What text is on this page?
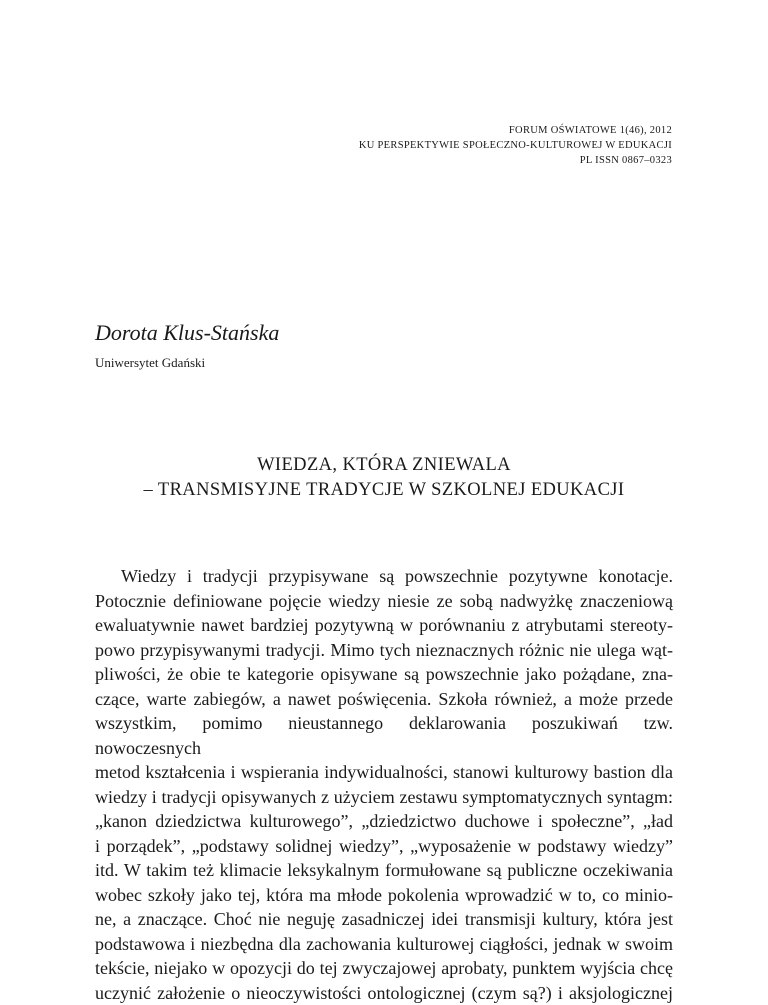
FORUM OŚWIATOWE 1(46), 2012
KU PERSPEKTYWIE SPOŁECZNO-KULTUROWEJ W EDUKACJI
PL ISSN 0867–0323

Dorota Klus-Stańska

Uniwersytet Gdański

WIEDZA, KTÓRA ZNIEWALA
– TRANSMISYJNE TRADYCJE W SZKOLNEJ EDUKACJI

Wiedzy i tradycji przypisywane są powszechnie pozytywne konotacje.
Potocznie definiowane pojęcie wiedzy niesie ze sobą nadwyżkę znaczeniową
ewaluatywnie nawet bardziej pozytywną w porównaniu z atrybutami stereoty-
powo przypisywanymi tradycji. Mimo tych nieznacznych różnic nie ulega wąt-
pliwości, że obie te kategorie opisywane są powszechnie jako pożądane, zna-
czące, warte zabiegów, a nawet poświęcenia. Szkoła również, a może przede
wszystkim, pomimo nieustannego deklarowania poszukiwań tzw. nowoczesnych
metod kształcenia i wspierania indywidualności, stanowi kulturowy bastion dla
wiedzy i tradycji opisywanych z użyciem zestawu symptomatycznych syntagm:
„kanon dziedzictwa kulturowego”, „dziedzictwo duchowe i społeczne”, „ład
i porządek”, „podstawy solidnej wiedzy”, „wyposażenie w podstawy wiedzy”
itd. W takim też klimacie leksykalnym formułowane są publiczne oczekiwania
wobec szkoły jako tej, która ma młode pokolenia wprowadzić w to, co minio-
ne, a znaczące. Choć nie neguję zasadniczej idei transmisji kultury, która jest
podstawowa i niezbędna dla zachowania kulturowej ciągłości, jednak w swoim
tekście, niejako w opozycji do tej zwyczajowej aprobaty, punktem wyjścia chcę
uczynić założenie o nieoczywistości ontologicznej (czym są?) i aksjologicznej
